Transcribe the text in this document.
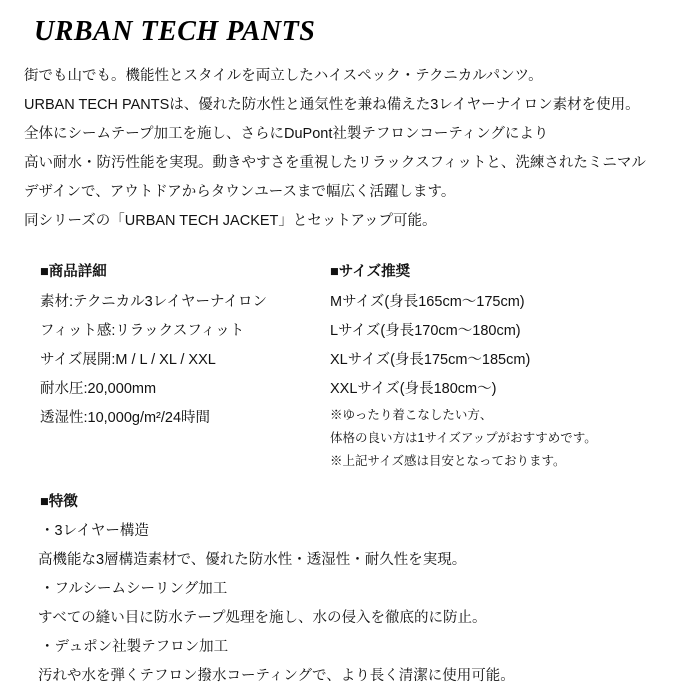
URBAN TECH PANTS
街でも山でも。機能性とスタイルを両立したハイスペック・テクニカルパンツ。
URBAN TECH PANTSは、優れた防水性と通気性を兼ね備えた3レイヤーナイロン素材を使用。
全体にシームテープ加工を施し、さらにDuPont社製テフロンコーティングにより
高い耐水・防汚性能を実現。動きやすさを重視したリラックスフィットと、洗練されたミニマル
デザインで、アウトドアからタウンユースまで幅広く活躍します。
同シリーズの「URBAN TECH JACKET」とセットアップ可能。
■商品詳細
素材:テクニカル3レイヤーナイロン
フィット感:リラックスフィット
サイズ展開:M / L / XL / XXL
耐水圧:20,000mm
透湿性:10,000g/m²/24時間
■サイズ推奨
Mサイズ(身長165cm〜175cm)
Lサイズ(身長170cm〜180cm)
XLサイズ(身長175cm〜185cm)
XXLサイズ(身長180cm〜)
※ゆったり着こなしたい方、
体格の良い方は1サイズアップがおすすめです。
※上記サイズ感は目安となっております。
■特徴
・3レイヤー構造
高機能な3層構造素材で、優れた防水性・透湿性・耐久性を実現。
・フルシームシーリング加工
すべての縫い目に防水テープ処理を施し、水の侵入を徹底的に防止。
・デュポン社製テフロン加工
汚れや水を弾くテフロン撥水コーティングで、より長く清潔に使用可能。
